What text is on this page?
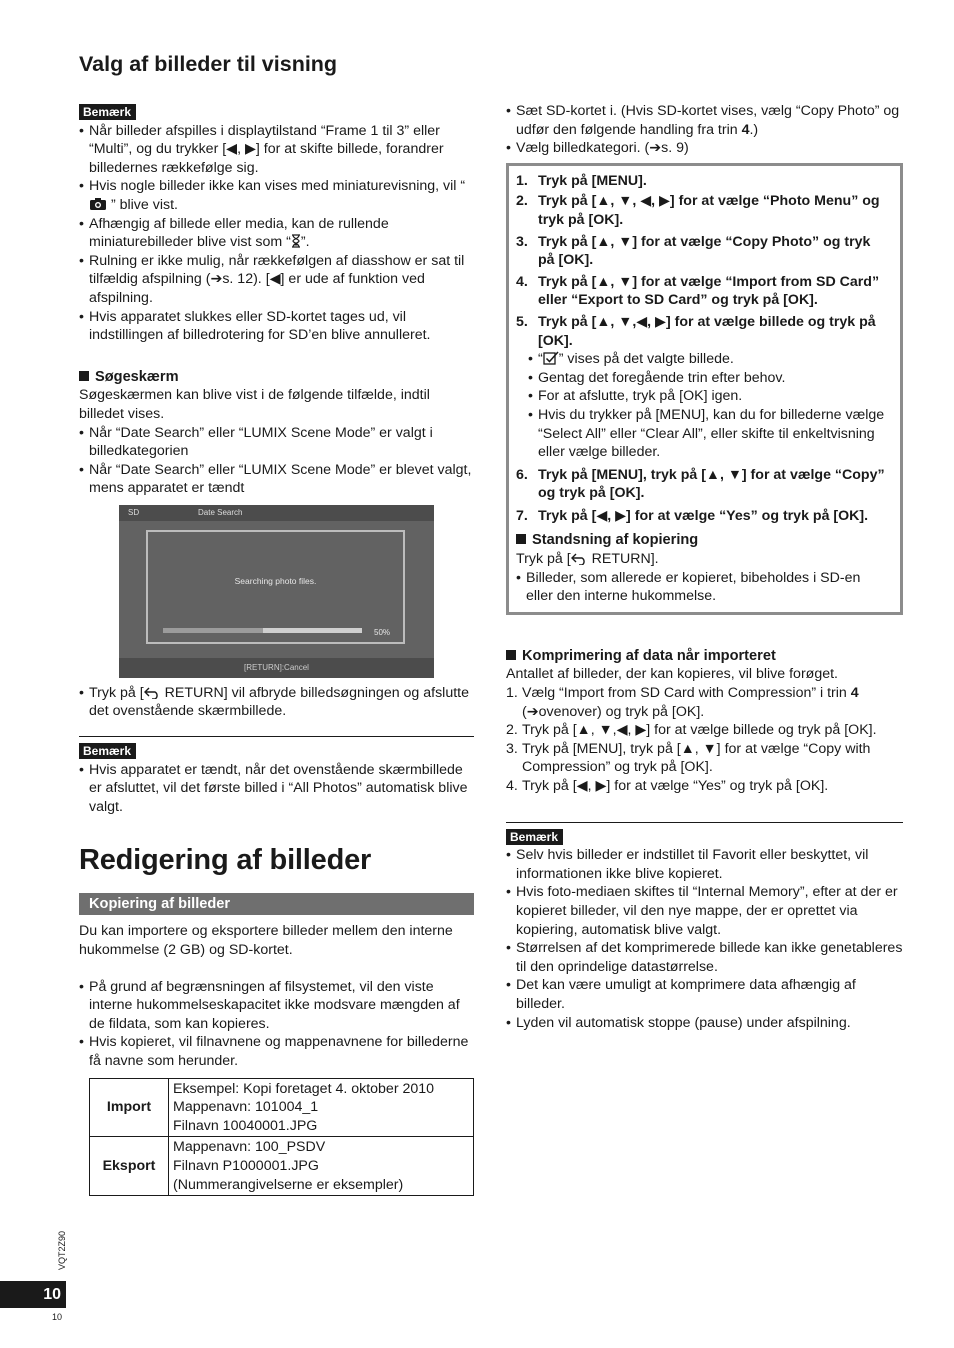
Valg af billeder til visning
Bemærk
• Når billeder afspilles i displaytilstand “Frame 1 til 3” eller “Multi”, og du trykker [◀, ▶] for at skifte billede, forandrer billedernes rækkefølge sig.
• Hvis nogle billeder ikke kan vises med miniaturevisning, vil “ ” blive vist.
• Afhængig af billede eller media, kan de rullende miniaturebilleder blive vist som “ ”.
• Rulning er ikke mulig, når rækkefølgen af diasshow er sat til tilfældig afspilning (➔s. 12). [◀] er ude af funktion ved afspilning.
• Hvis apparatet slukkes eller SD-kortet tages ud, vil indstillingen af billedrotering for SD’en blive annulleret.

Søgeskærm

Søgeskærmen kan blive vist i de følgende tilfælde, indtil billedet vises.

• Når “Date Search” eller “LUMIX Scene Mode” er valgt i billedkategorien
• Når “Date Search” eller “LUMIX Scene Mode” er blevet valgt, mens apparatet er tændt
SD	Date Search
Searching photo files.
50%
[RETURN]:Cancel
• Tryk på [ RETURN] vil afbryde billedsøgningen og afslutte det ovenstående skærmbillede.
Bemærk
• Hvis apparatet er tændt, når det ovenstående skærmbillede er afsluttet, vil det første billed i “All Photos” automatisk blive valgt.
Redigering af billeder
Kopiering af billeder

Du kan importere og eksportere billeder mellem den interne hukommelse (2 GB) og SD-kortet.

• På grund af begrænsningen af filsystemet, vil den viste interne hukommelseskapacitet ikke modsvare mængden af de fildata, som kan kopieres.
• Hvis kopieret, vil filnavnene og mappenavnene for billederne få navne som herunder.
Import	Eksempel: Kopi foretaget 4. oktober 2010
Mappenavn: 101004_1
Filnavn 10040001.JPG

Eksport	Mappenavn: 100_PSDV
Filnavn P1000001.JPG
(Nummerangivelserne er eksempler)
• Sæt SD-kortet i. (Hvis SD-kortet vises, vælg “Copy Photo” og udfør den følgende handling fra trin 4.)
• Vælg billedkategori. (➔s. 9)
1. Tryk på [MENU].
2. Tryk på [▲, ▼, ◀, ▶] for at vælge “Photo Menu” og tryk på [OK].
3. Tryk på [▲, ▼] for at vælge “Copy Photo” og tryk på [OK].
4. Tryk på [▲, ▼] for at vælge “Import from SD Card” eller “Export to SD Card” og tryk på [OK].
5. Tryk på [▲, ▼,◀, ▶] for at vælge billede og tryk på [OK].
• “ ” vises på det valgte billede.
• Gentag det foregående trin efter behov.
• For at afslutte, tryk på [OK] igen.
• Hvis du trykker på [MENU], kan du for billederne vælge “Select All” eller “Clear All”, eller skifte til enkeltvisning eller vælge billeder.
6. Tryk på [MENU], tryk på [▲, ▼] for at vælge “Copy” og tryk på [OK].
7. Tryk på [◀, ▶] for at vælge “Yes” og tryk på [OK].

Standsning af kopiering

Tryk på [ RETURN].

• Billeder, som allerede er kopieret, bibeholdes i SD-en eller den interne hukommelse.

Komprimering af data når importeret

Antallet af billeder, der kan kopieres, vil blive forøget.

1. Vælg “Import from SD Card with Compression” i trin 4 (➔ovenover) og tryk på [OK].
2. Tryk på [▲, ▼,◀, ▶] for at vælge billede og tryk på [OK].
3. Tryk på [MENU], tryk på [▲, ▼] for at vælge “Copy with Compression” og tryk på [OK].
4. Tryk på [◀, ▶] for at vælge “Yes” og tryk på [OK].
Bemærk
• Selv hvis billeder er indstillet til Favorit eller beskyttet, vil informationen ikke blive kopieret.
• Hvis foto-mediaen skiftes til “Internal Memory”, efter at der er kopieret billeder, vil den nye mappe, der er oprettet via kopiering, automatisk blive valgt.
• Størrelsen af det komprimerede billede kan ikke genetableres til den oprindelige datastørrelse.
• Det kan være umuligt at komprimere data afhængig af billeder.
• Lyden vil automatisk stoppe (pause) under afspilning.
VQT2Z90
10
10
